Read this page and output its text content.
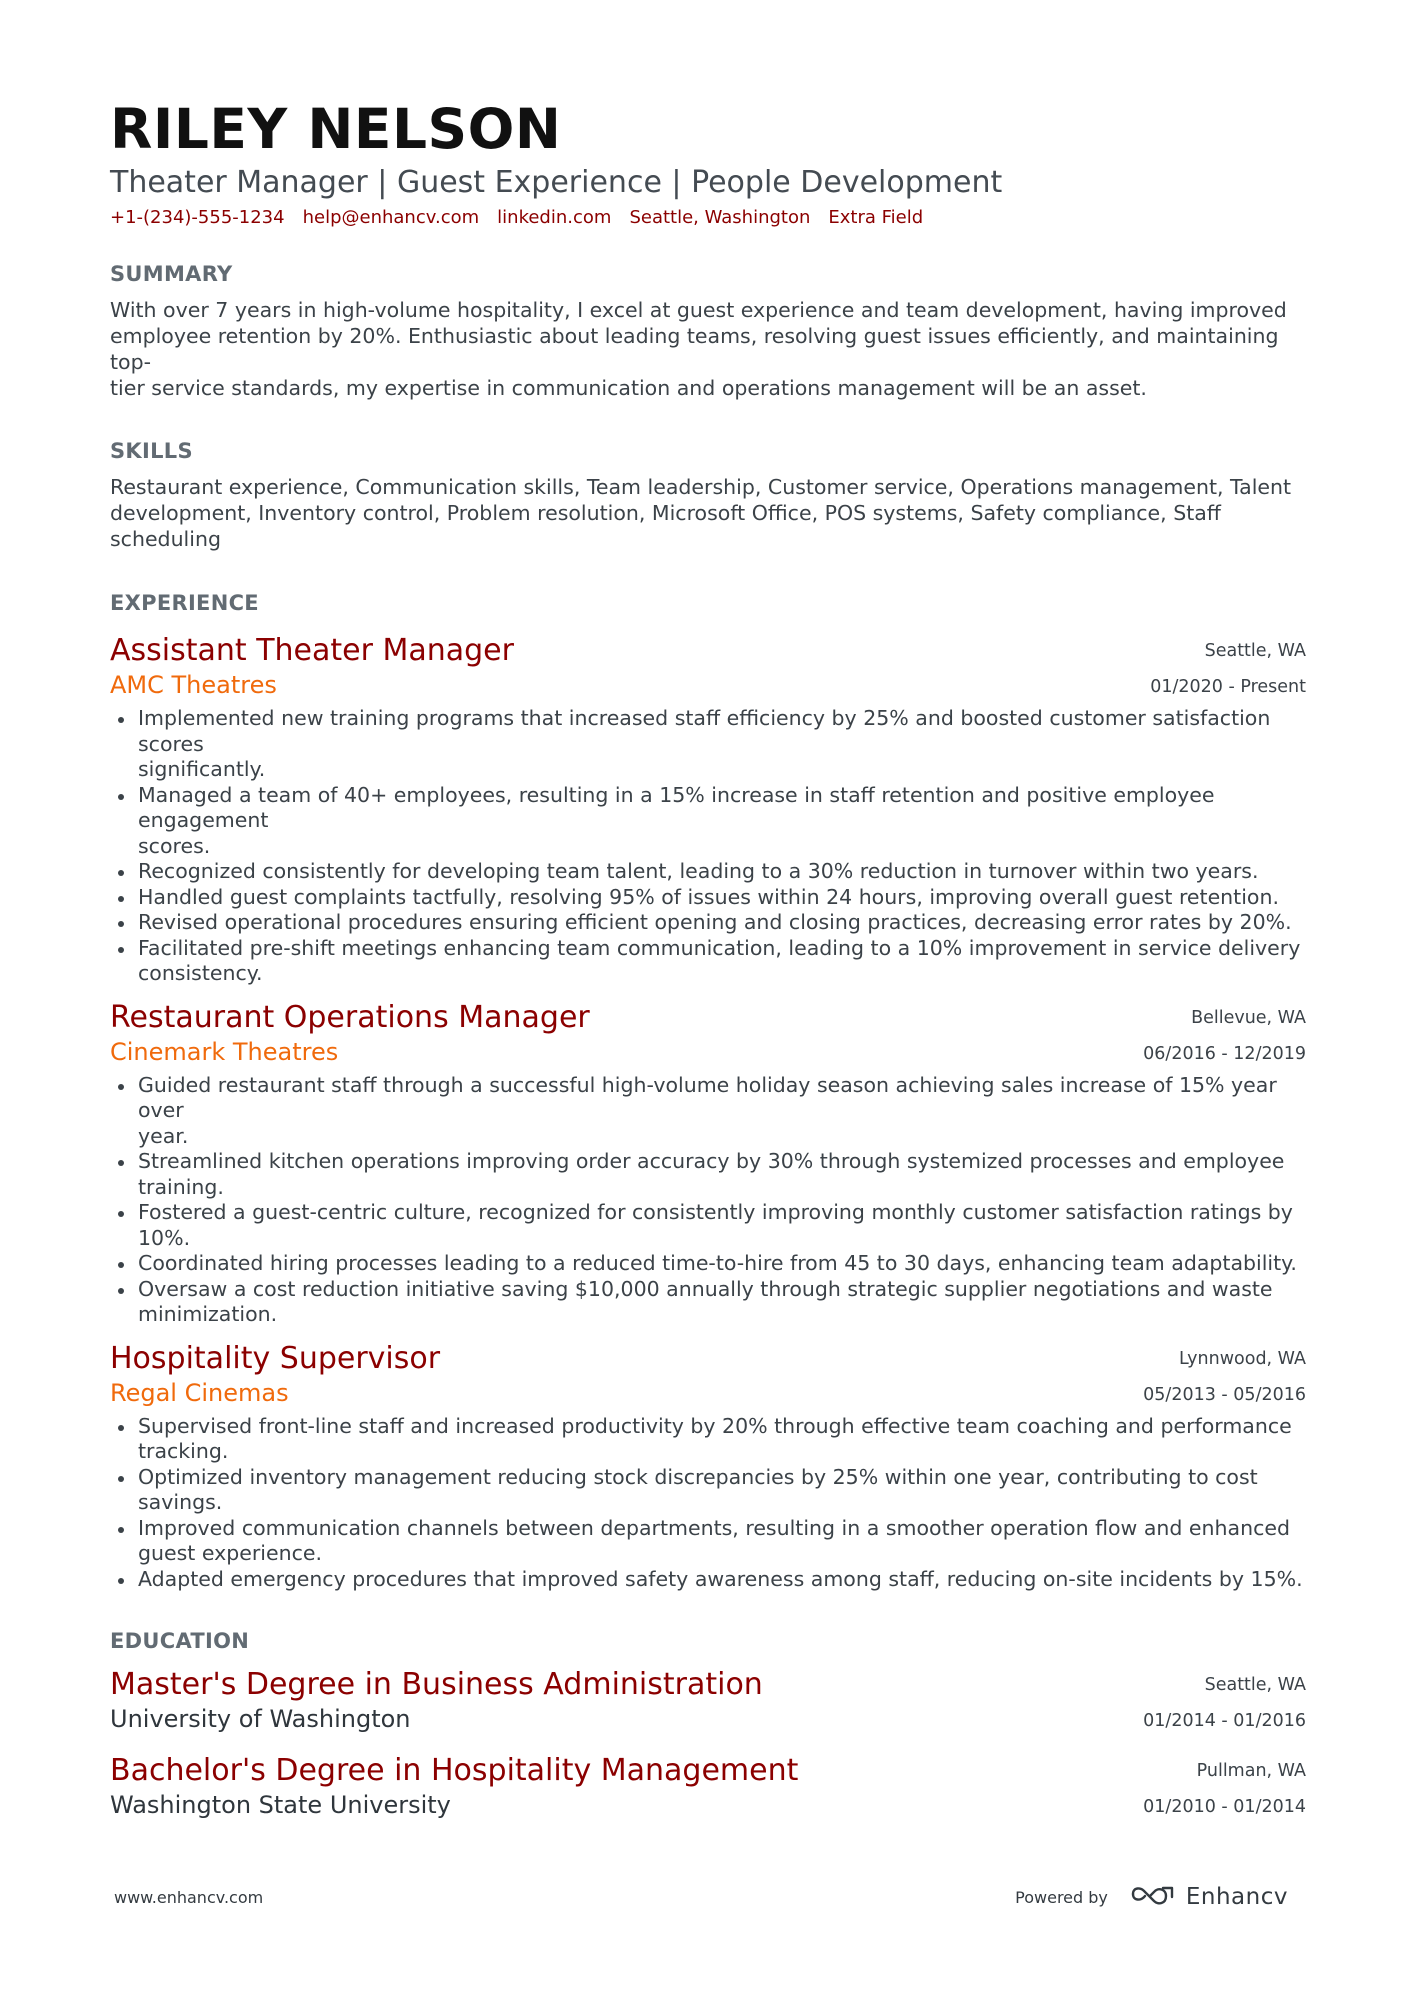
RILEY NELSON
Theater Manager | Guest Experience | People Development
+1-(234)-555-1234 help@enhancv.com linkedin.com Seattle, Washington Extra Field
SUMMARY
With over 7 years in high-volume hospitality, I excel at guest experience and team development, having improved
employee retention by 20%. Enthusiastic about leading teams, resolving guest issues efficiently, and maintaining top-
tier service standards, my expertise in communication and operations management will be an asset.
SKILLS
Restaurant experience, Communication skills, Team leadership, Customer service, Operations management, Talent
development, Inventory control, Problem resolution, Microsoft Office, POS systems, Safety compliance, Staff
scheduling
EXPERIENCE
Assistant Theater Manager
AMC Theatres
Seattle, WA
01/2020 - Present
Implemented new training programs that increased staff efficiency by 25% and boosted customer satisfaction scores
significantly.
Managed a team of 40+ employees, resulting in a 15% increase in staff retention and positive employee engagement
scores.
Recognized consistently for developing team talent, leading to a 30% reduction in turnover within two years.
Handled guest complaints tactfully, resolving 95% of issues within 24 hours, improving overall guest retention.
Revised operational procedures ensuring efficient opening and closing practices, decreasing error rates by 20%.
Facilitated pre-shift meetings enhancing team communication, leading to a 10% improvement in service delivery
consistency.
Restaurant Operations Manager
Cinemark Theatres
Bellevue, WA
06/2016 - 12/2019
Guided restaurant staff through a successful high-volume holiday season achieving sales increase of 15% year over
year.
Streamlined kitchen operations improving order accuracy by 30% through systemized processes and employee
training.
Fostered a guest-centric culture, recognized for consistently improving monthly customer satisfaction ratings by
10%.
Coordinated hiring processes leading to a reduced time-to-hire from 45 to 30 days, enhancing team adaptability.
Oversaw a cost reduction initiative saving $10,000 annually through strategic supplier negotiations and waste
minimization.
Hospitality Supervisor
Regal Cinemas
Lynnwood, WA
05/2013 - 05/2016
Supervised front-line staff and increased productivity by 20% through effective team coaching and performance
tracking.
Optimized inventory management reducing stock discrepancies by 25% within one year, contributing to cost savings.
Improved communication channels between departments, resulting in a smoother operation flow and enhanced
guest experience.
Adapted emergency procedures that improved safety awareness among staff, reducing on-site incidents by 15%.
EDUCATION
Master's Degree in Business Administration
University of Washington
Seattle, WA
01/2014 - 01/2016
Bachelor's Degree in Hospitality Management
Washington State University
Pullman, WA
01/2010 - 01/2014
www.enhancv.com	Powered by	Enhancv
